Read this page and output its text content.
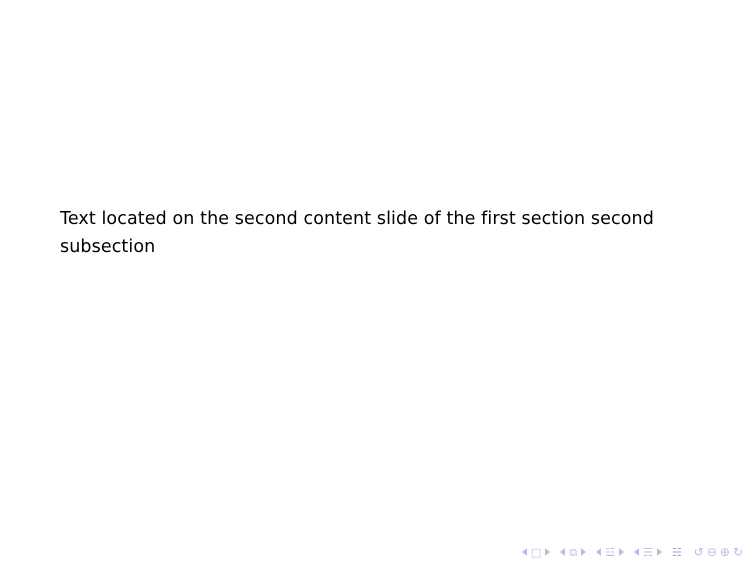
Text located on the second content slide of the first section second subsection
□	⧉	☳	☴ ☵ ↺ ⊖ ⊕ ↻
